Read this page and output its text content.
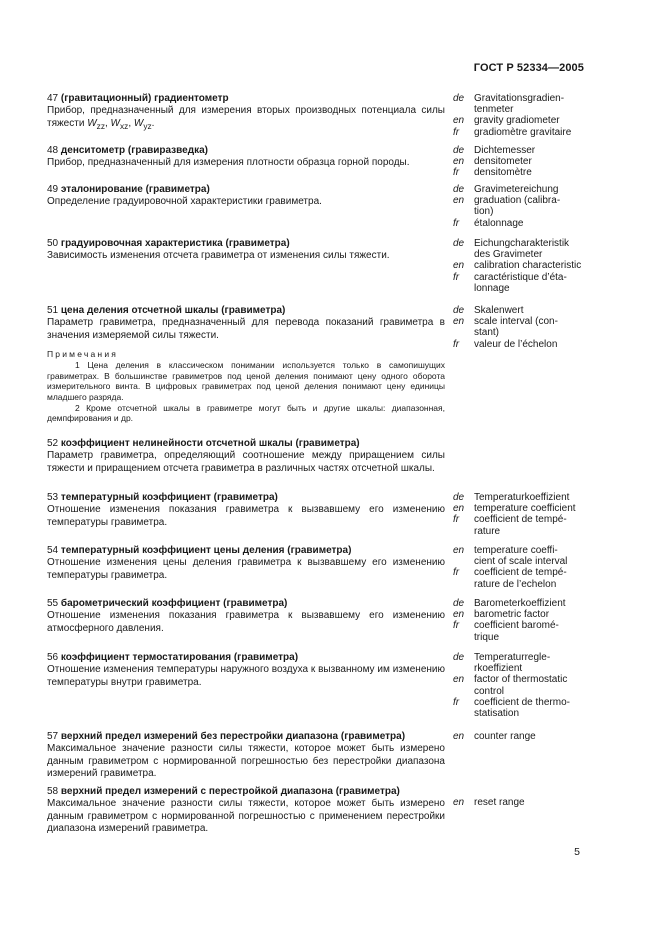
ГОСТ Р 52334—2005
47 (гравитационный) градиентометр
Прибор, предназначенный для измерения вторых производных потенциала силы тяжести $W_{zz}$, $W_{xz}$, $W_{yz}$.
de Gravitationsgradien-
tenmeter
en gravity gradiometer
fr	gradiomètre gravitaire
48 денситометр (гравиразведка)
Прибор, предназначенный для измерения плотности образца горной породы.
de Dichtemesser
en densitometer
fr	densitomètre
49 эталонирование (гравиметра)
Определение градуировочной характеристики гравиметра.
de Gravimetereichung
en graduation (calibra-
tion)
fr	étalonnage
50 градуировочная характеристика (гравиметра)
Зависимость изменения отсчета гравиметра от изменения силы тяжести.
de Eichungcharakteristik
des Gravimeter
en calibration characteristic
fr	caractéristique d’éta-
lonnage
51 цена деления отсчетной шкалы (гравиметра)
Параметр гравиметра, предназначенный для перевода показаний гравиметра в значения измеряемой силы тяжести.
Примечания

1 Цена деления в классическом понимании используется только в самопишущих гравиметрах. В большинстве гравиметров под ценой деления понимают цену одного оборота измерительного винта. В цифровых гравиметрах под ценой деления понимают цену единицы младшего разряда.

2 Кроме отсчетной шкалы в гравиметре могут быть и другие шкалы: диапазонная, демпфирования и др.

de Skalenwert
en scale interval (con-
stant)
fr	valeur de l’échelon
52 коэффициент нелинейности отсчетной шкалы (гравиметра)
Параметр гравиметра, определяющий соотношение между приращением силы тяжести и приращением отсчета гравиметра в различных частях отсчетной шкалы.
53 температурный коэффициент (гравиметра)
Отношение изменения показания гравиметра к вызвавшему его изменению температуры гравиметра.
de Temperaturkoeffizient
en temperature coefficient
fr	coefficient de tempé-
rature
54 температурный коэффициент цены деления (гравиметра)
Отношение изменения цены деления гравиметра к вызвавшему его изменению температуры гравиметра.
en temperature coeffi-
cient of scale interval
fr	coefficient de tempé-
rature de l’echelon
55 барометрический коэффициент (гравиметра)
Отношение изменения показания гравиметра к вызвавшему его изменению атмосферного давления.
de Barometerkoeffizient
en barometric factor
fr	coefficient baromé-
trique
56 коэффициент термостатирования (гравиметра)
Отношение изменения температуры наружного воздуха к вызванному им изменению температуры внутри гравиметра.
de Temperaturregle-
rkoeffizient
en factor of thermostatic
control
fr	coefficient de thermo-
statisation
57 верхний предел измерений без перестройки диапазона (гравиметра)
Максимальное значение разности силы тяжести, которое может быть измерено данным гравиметром с нормированной погрешностью без перестройки диапазона измерений гравиметра.
en counter range
58 верхний предел измерений с перестройкой диапазона (гравиметра)
Максимальное значение разности силы тяжести, которое может быть измерено данным гравиметром с нормированной погрешностью с применением перестройки диапазона измерений гравиметра.

en reset range
5
